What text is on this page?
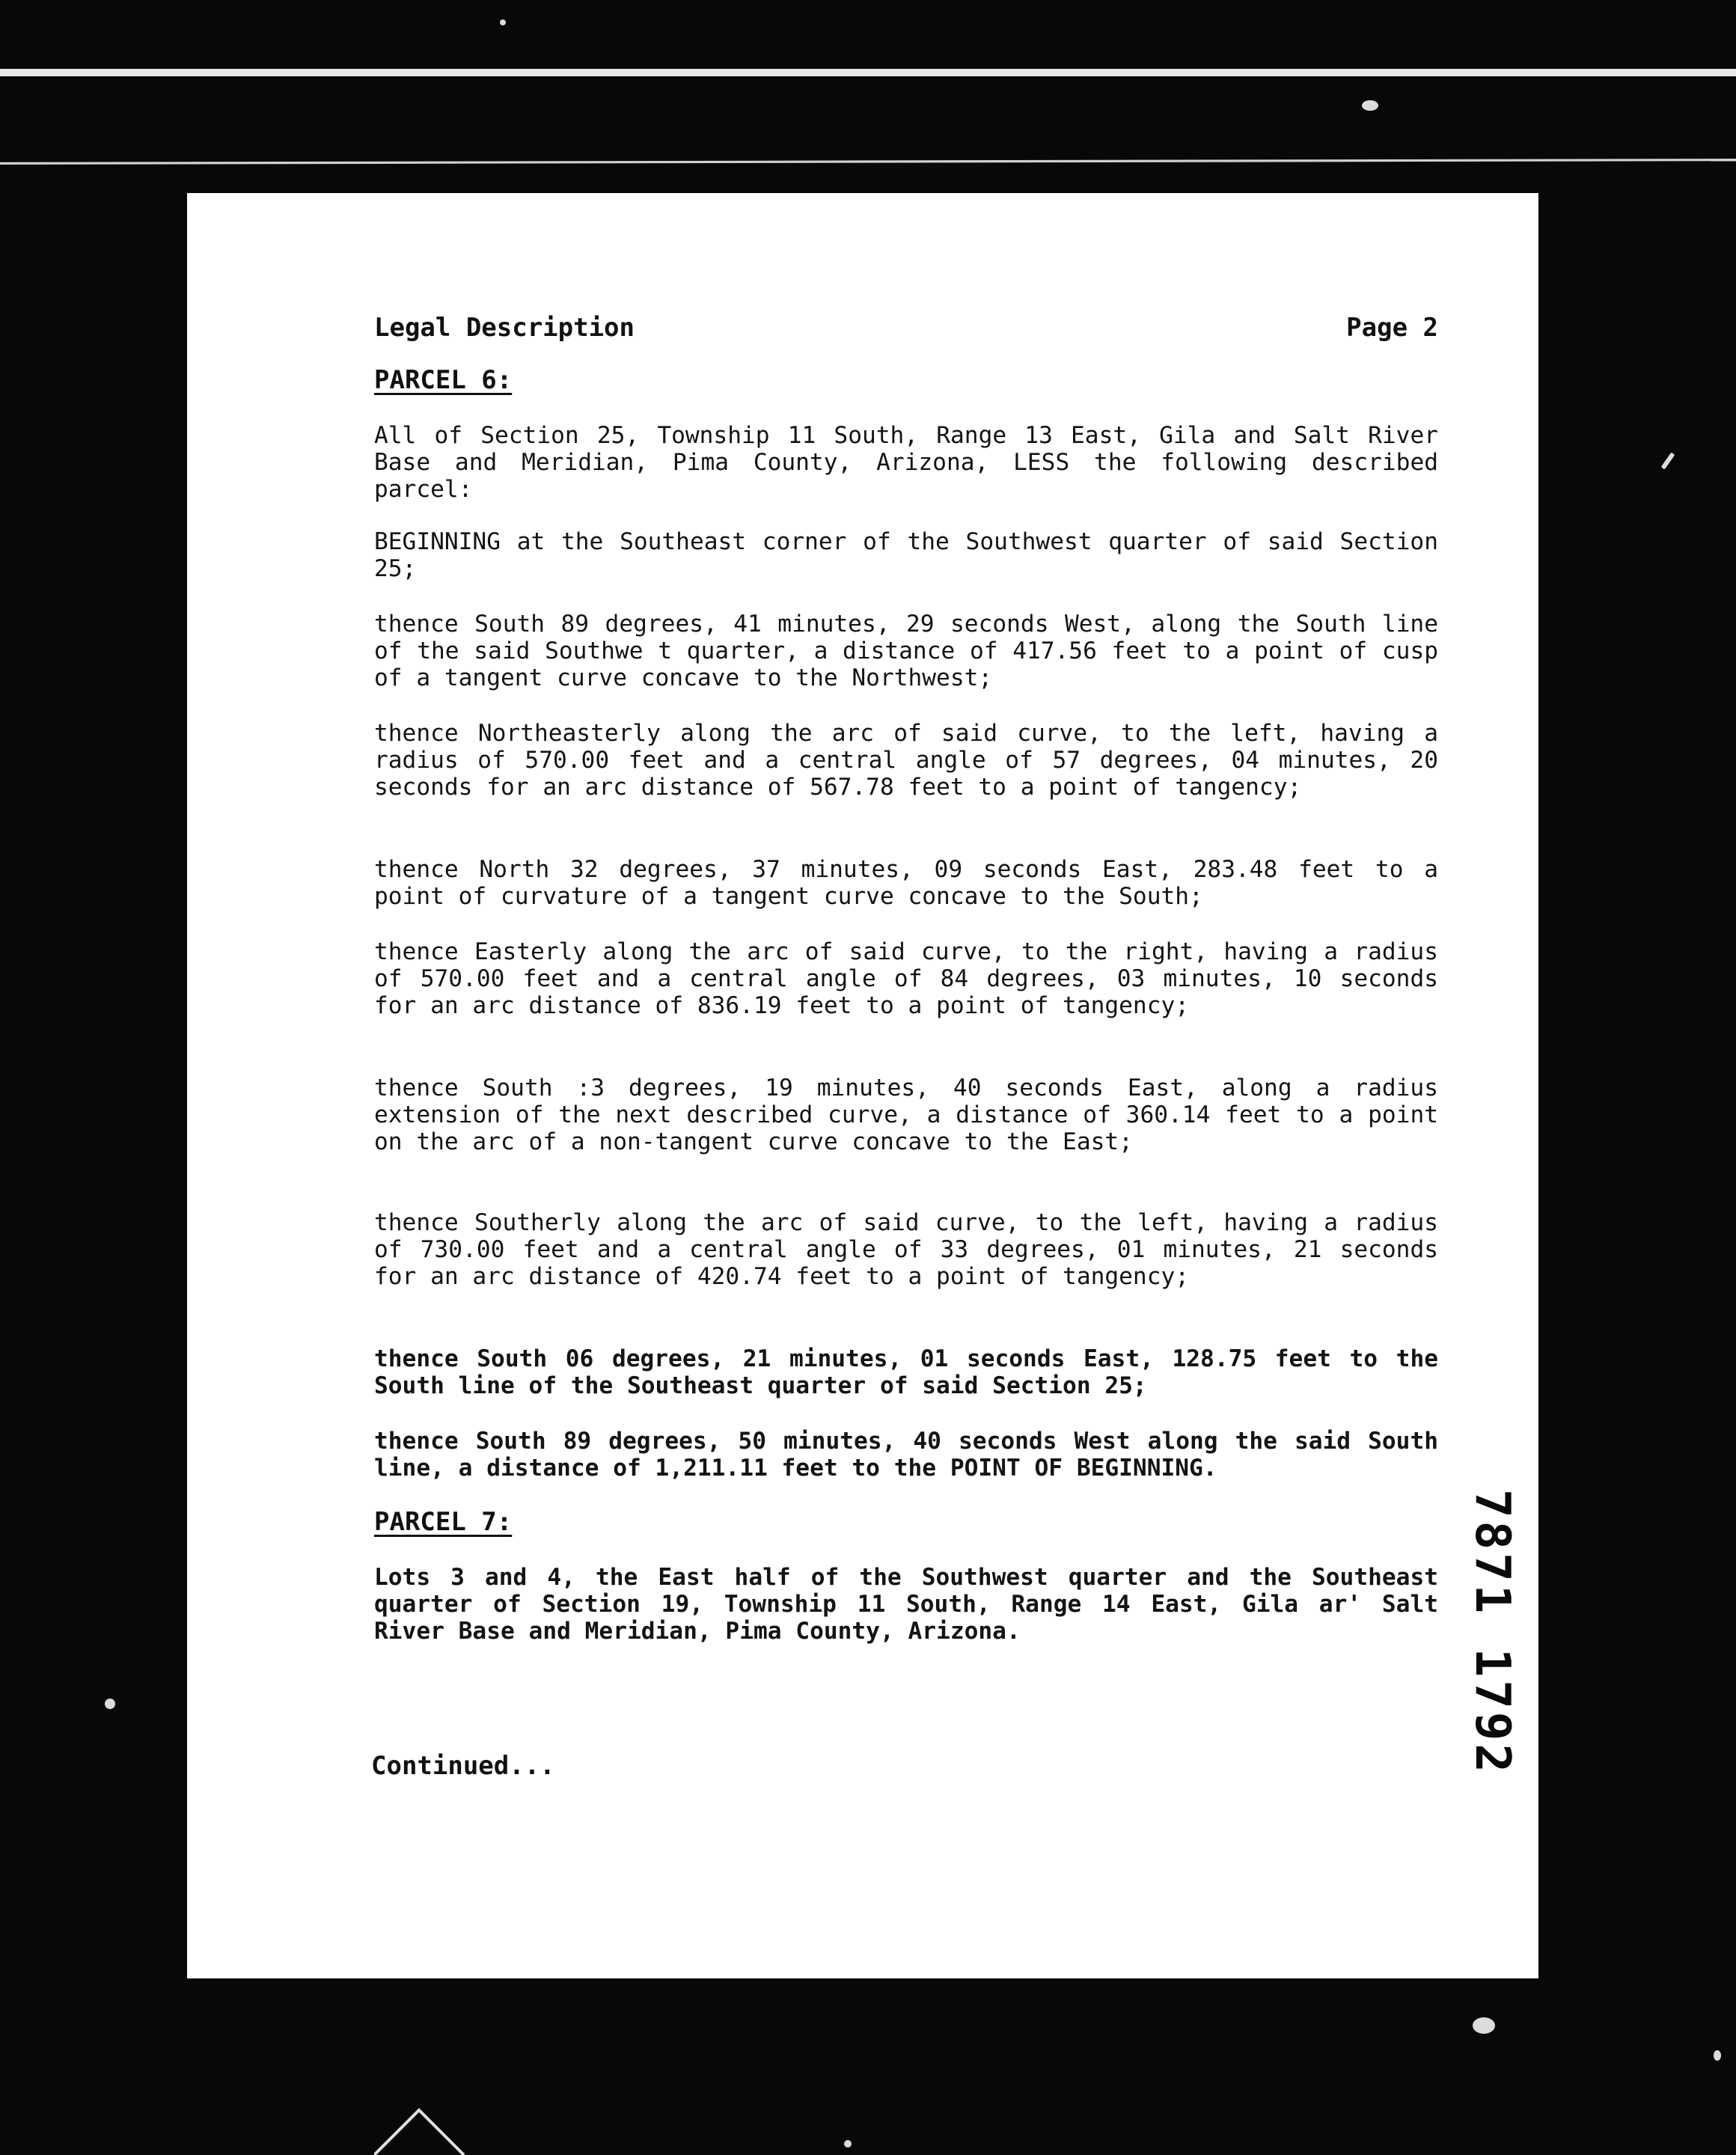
Legal Description	Page 2
PARCEL 6:
All of Section 25, Township 11 South, Range 13 East, Gila and Salt River Base and Meridian, Pima County, Arizona, LESS the following described parcel:
BEGINNING at the Southeast corner of the Southwest quarter of said Section 25;
thence South 89 degrees, 41 minutes, 29 seconds West, along the South line of the said Southwe t quarter, a distance of 417.56 feet to a point of cusp of a tangent curve concave to the Northwest;
thence Northeasterly along the arc of said curve, to the left, having a radius of 570.00 feet and a central angle of 57 degrees, 04 minutes, 20 seconds for an arc distance of 567.78 feet to a point of tangency;
thence North 32 degrees, 37 minutes, 09 seconds East, 283.48 feet to a point of curvature of a tangent curve concave to the South;
thence Easterly along the arc of said curve, to the right, having a radius of 570.00 feet and a central angle of 84 degrees, 03 minutes, 10 seconds for an arc distance of 836.19 feet to a point of tangency;
thence South :3 degrees, 19 minutes, 40 seconds East, along a radius extension of the next described curve, a distance of 360.14 feet to a point on the arc of a non-tangent curve concave to the East;
thence Southerly along the arc of said curve, to the left, having a radius of 730.00 feet and a central angle of 33 degrees, 01 minutes, 21 seconds for an arc distance of 420.74 feet to a point of tangency;
thence South 06 degrees, 21 minutes, 01 seconds East, 128.75 feet to the South line of the Southeast quarter of said Section 25;
thence South 89 degrees, 50 minutes, 40 seconds West along the said South line, a distance of 1,211.11 feet to the POINT OF BEGINNING.
PARCEL 7:
Lots 3 and 4, the East half of the Southwest quarter and the Southeast quarter of Section 19, Township 11 South, Range 14 East, Gila ar' Salt River Base and Meridian, Pima County, Arizona.
Continued...	7871 1792
